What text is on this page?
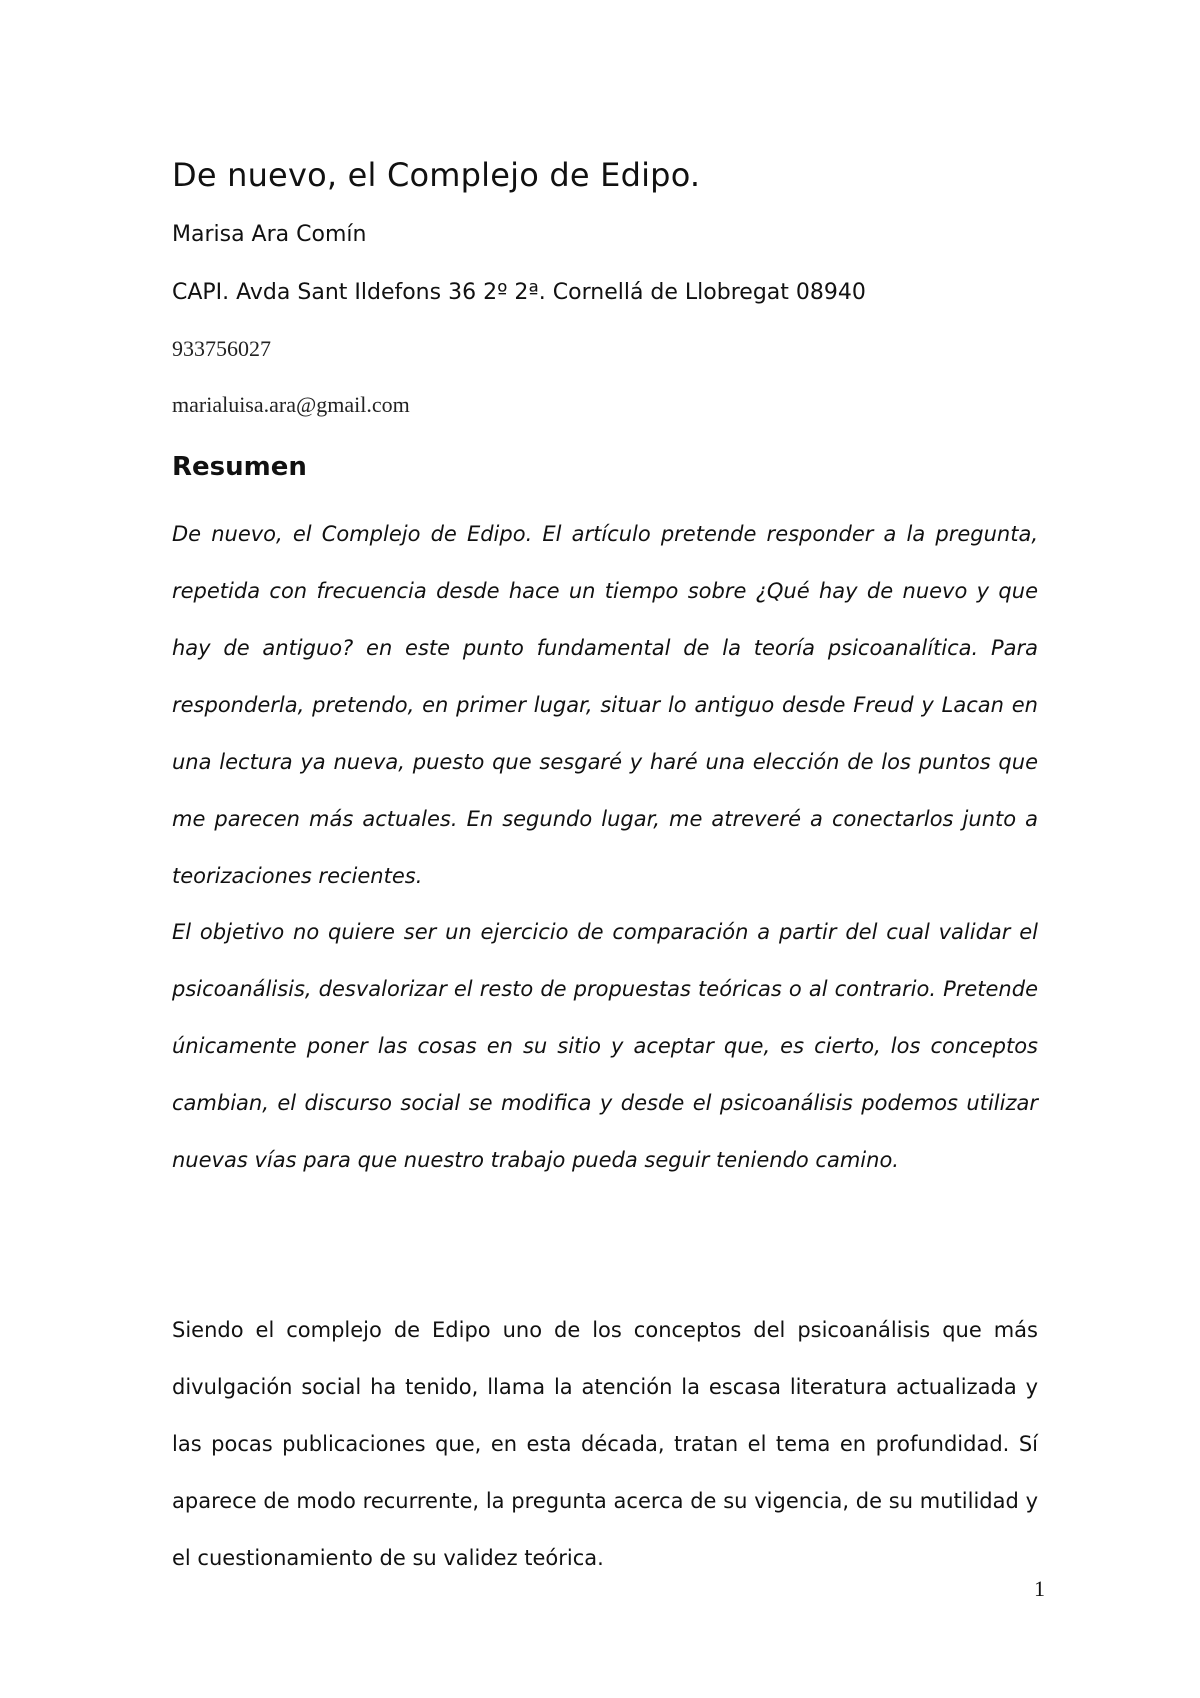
De nuevo, el Complejo de Edipo.

Marisa Ara Comín

CAPI. Avda Sant Ildefons 36 2º 2ª. Cornellá de Llobregat 08940

933756027

marialuisa.ara@gmail.com

Resumen

De nuevo, el Complejo de Edipo. El artículo pretende responder a la pregunta, repetida con frecuencia desde hace un tiempo sobre ¿Qué hay de nuevo y que hay de antiguo? en este punto fundamental de la teoría psicoanalítica. Para responderla, pretendo, en primer lugar, situar lo antiguo desde Freud y Lacan en una lectura ya nueva, puesto que sesgaré y haré una elección de los puntos que me parecen más actuales. En segundo lugar, me atreveré a conectarlos junto a teorizaciones recientes.

El objetivo no quiere ser un ejercicio de comparación a partir del cual validar el psicoanálisis, desvalorizar el resto de propuestas teóricas o al contrario. Pretende únicamente poner las cosas en su sitio y aceptar que, es cierto, los conceptos cambian, el discurso social se modifica y desde el psicoanálisis podemos utilizar nuevas vías para que nuestro trabajo pueda seguir teniendo camino.

Siendo el complejo de Edipo uno de los conceptos del psicoanálisis que más divulgación social ha tenido, llama la atención la escasa literatura actualizada y las pocas publicaciones que, en esta década, tratan el tema en profundidad. Sí aparece de modo recurrente, la pregunta acerca de su vigencia, de su mutilidad y el cuestionamiento de su validez teórica.

1
